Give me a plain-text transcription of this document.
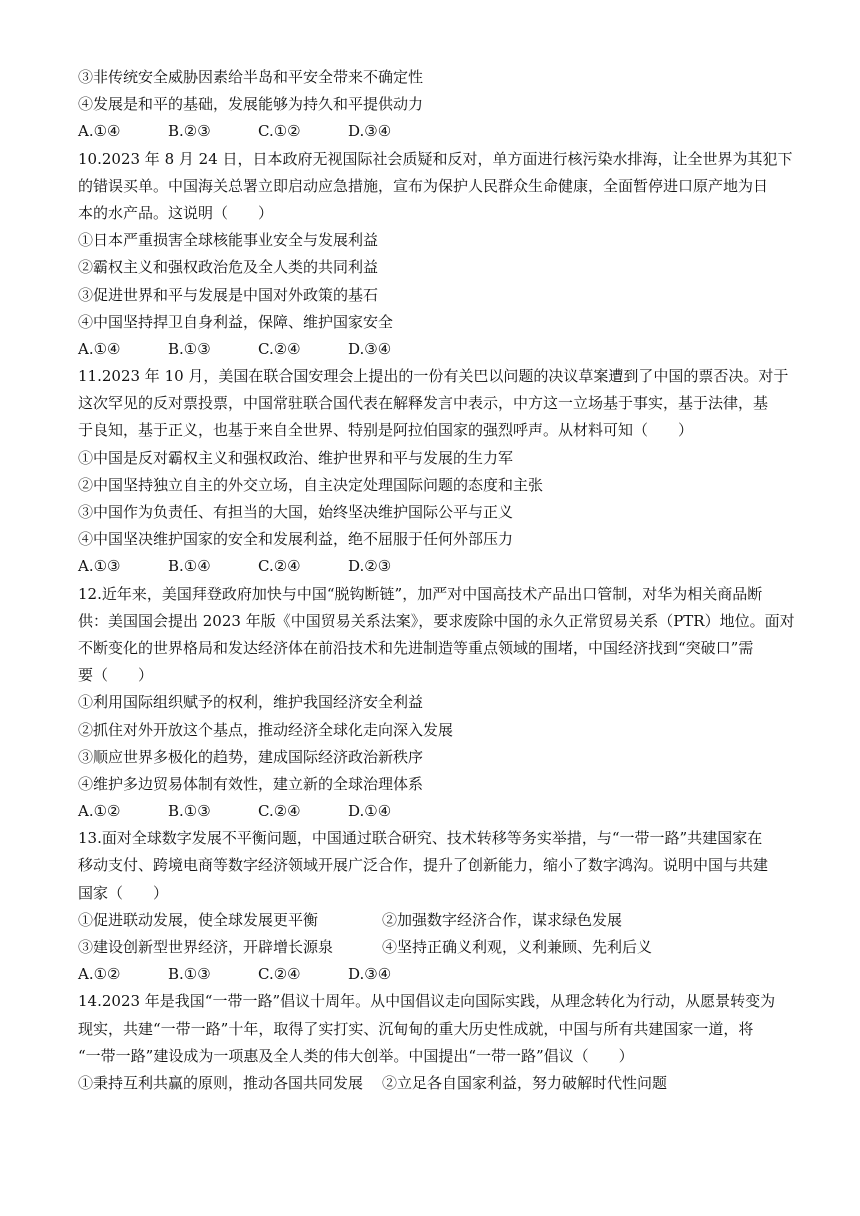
③非传统安全威胁因素给半岛和平安全带来不确定性
④发展是和平的基础，发展能够为持久和平提供动力
A.①④	B.②③	C.①②	D.③④
10.2023 年 8 月 24 日，日本政府无视国际社会质疑和反对，单方面进行核污染水排海，让全世界为其犯下
的错误买单。中国海关总署立即启动应急措施，宣布为保护人民群众生命健康，全面暂停进口原产地为日
本的水产品。这说明（　　）
①日本严重损害全球核能事业安全与发展利益
②霸权主义和强权政治危及全人类的共同利益
③促进世界和平与发展是中国对外政策的基石
④中国坚持捍卫自身利益，保障、维护国家安全
A.①④	B.①③	C.②④	D.③④
11.2023 年 10 月，美国在联合国安理会上提出的一份有关巴以问题的决议草案遭到了中国的票否决。对于
这次罕见的反对票投票，中国常驻联合国代表在解释发言中表示，中方这一立场基于事实，基于法律，基
于良知，基于正义，也基于来自全世界、特别是阿拉伯国家的强烈呼声。从材料可知（　　）
①中国是反对霸权主义和强权政治、维护世界和平与发展的生力军
②中国坚持独立自主的外交立场，自主决定处理国际问题的态度和主张
③中国作为负责任、有担当的大国，始终坚决维护国际公平与正义
④中国坚决维护国家的安全和发展利益，绝不屈服于任何外部压力
A.①③	B.①④	C.②④	D.②③
12.近年来，美国拜登政府加快与中国“脱钩断链”，加严对中国高技术产品出口管制，对华为相关商品断
供：美国国会提出 2023 年版《中国贸易关系法案》，要求废除中国的永久正常贸易关系（PTR）地位。面对
不断变化的世界格局和发达经济体在前沿技术和先进制造等重点领域的围堵，中国经济找到“突破口”需
要（　　）
①利用国际组织赋予的权利，维护我国经济安全利益
②抓住对外开放这个基点，推动经济全球化走向深入发展
③顺应世界多极化的趋势，建成国际经济政治新秩序
④维护多边贸易体制有效性，建立新的全球治理体系
A.①②	B.①③	C.②④	D.①④
13.面对全球数字发展不平衡问题，中国通过联合研究、技术转移等务实举措，与“一带一路”共建国家在
移动支付、跨境电商等数字经济领域开展广泛合作，提升了创新能力，缩小了数字鸿沟。说明中国与共建
国家（　　）
①促进联动发展，使全球发展更平衡	②加强数字经济合作，谋求绿色发展
③建设创新型世界经济，开辟增长源泉	④坚持正确义利观，义利兼顾、先利后义
A.①②	B.①③	C.②④	D.③④
14.2023 年是我国“一带一路”倡议十周年。从中国倡议走向国际实践，从理念转化为行动，从愿景转变为
现实，共建“一带一路”十年，取得了实打实、沉甸甸的重大历史性成就，中国与所有共建国家一道，将
“一带一路”建设成为一项惠及全人类的伟大创举。中国提出“一带一路”倡议（　　）
①秉持互利共赢的原则，推动各国共同发展	②立足各自国家利益，努力破解时代性问题
